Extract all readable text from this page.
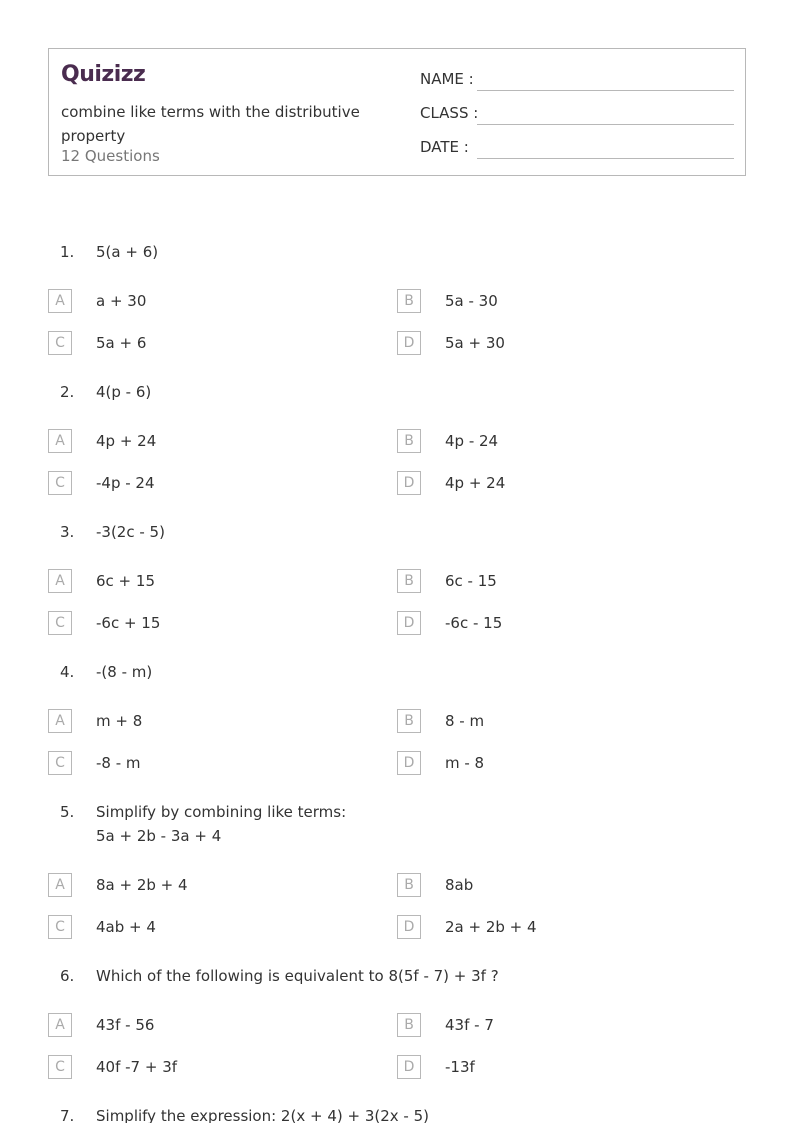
Quizizz
combine like terms with the distributive property
12 Questions
NAME :
CLASS :
DATE :
1. 5(a + 6)
A	a + 30	B	5a - 30
C	5a + 6	D	5a + 30
2. 4(p - 6)
A	4p + 24	B	4p - 24
C	-4p - 24	D	4p + 24
3. -3(2c - 5)
A	6c + 15	B	6c - 15
C	-6c + 15	D	-6c - 15
4. -(8 - m)
A	m + 8	B	8 - m
C	-8 - m	D	m - 8
5. Simplify by combining like terms:
5a + 2b - 3a + 4
A	8a + 2b + 4	B	8ab
C	4ab + 4	D	2a + 2b + 4
6. Which of the following is equivalent to 8(5f - 7) + 3f ?
A	43f - 56	B	43f - 7
C	40f -7 + 3f	D	-13f
7. Simplify the expression: 2(x + 4) + 3(2x - 5)
